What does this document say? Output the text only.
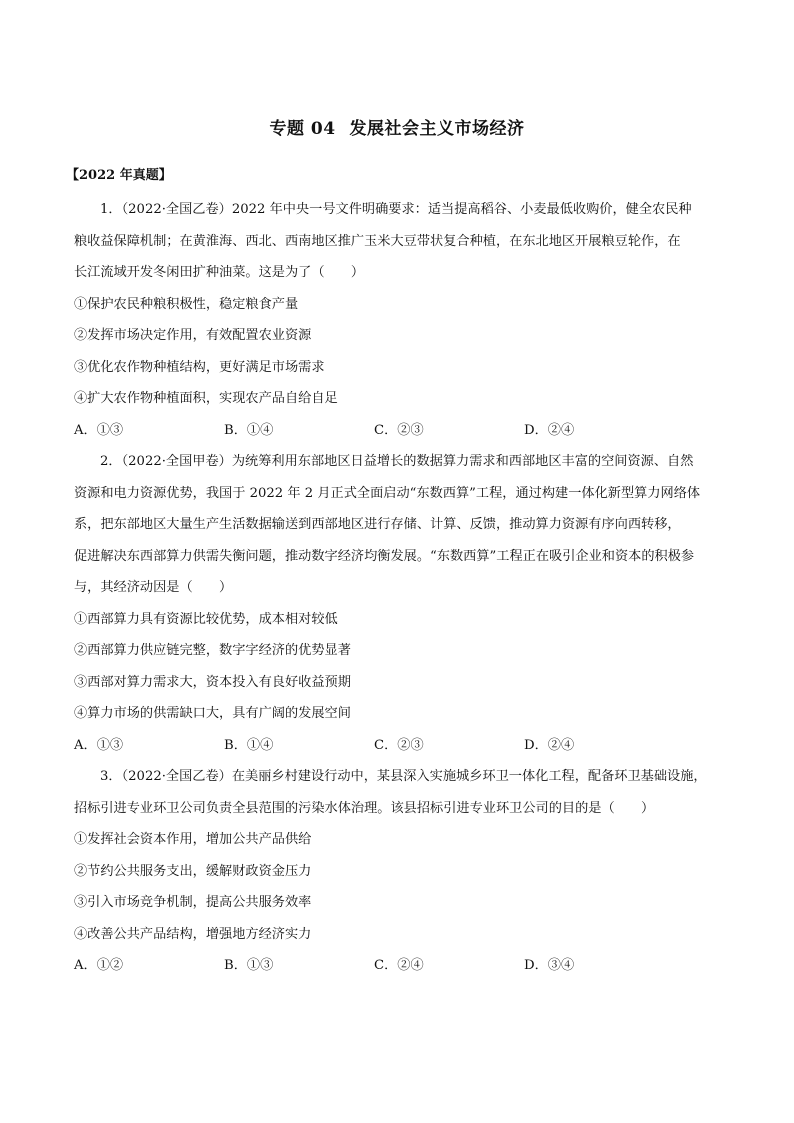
专题 04 发展社会主义市场经济
【2022 年真题】

1．（2022·全国乙卷）2022 年中央一号文件明确要求：适当提高稻谷、小麦最低收购价，健全农民种

粮收益保障机制；在黄淮海、西北、西南地区推广玉米大豆带状复合种植，在东北地区开展粮豆轮作，在

长江流域开发冬闲田扩种油菜。这是为了（　　）

①保护农民种粮积极性，稳定粮食产量

②发挥市场决定作用，有效配置农业资源

③优化农作物种植结构，更好满足市场需求

④扩大农作物种植面积，实现农产品自给自足

A．①③	B．①④	C．②③	D．②④

2．（2022·全国甲卷）为统筹利用东部地区日益增长的数据算力需求和西部地区丰富的空间资源、自然

资源和电力资源优势，我国于 2022 年 2 月正式全面启动“东数西算”工程，通过构建一体化新型算力网络体

系，把东部地区大量生产生活数据输送到西部地区进行存储、计算、反馈，推动算力资源有序向西转移，

促进解决东西部算力供需失衡问题，推动数字经济均衡发展。“东数西算”工程正在吸引企业和资本的积极参

与，其经济动因是（　　）

①西部算力具有资源比较优势，成本相对较低

②西部算力供应链完整，数字字经济的优势显著

③西部对算力需求大，资本投入有良好收益预期

④算力市场的供需缺口大，具有广阔的发展空间

A．①③	B．①④	C．②③	D．②④

3．（2022·全国乙卷）在美丽乡村建设行动中，某县深入实施城乡环卫一体化工程，配备环卫基础设施，

招标引进专业环卫公司负责全县范围的污染水体治理。该县招标引进专业环卫公司的目的是（　　）

①发挥社会资本作用，增加公共产品供给

②节约公共服务支出，缓解财政资金压力

③引入市场竞争机制，提高公共服务效率

④改善公共产品结构，增强地方经济实力

A．①②	B．①③	C．②④	D．③④
